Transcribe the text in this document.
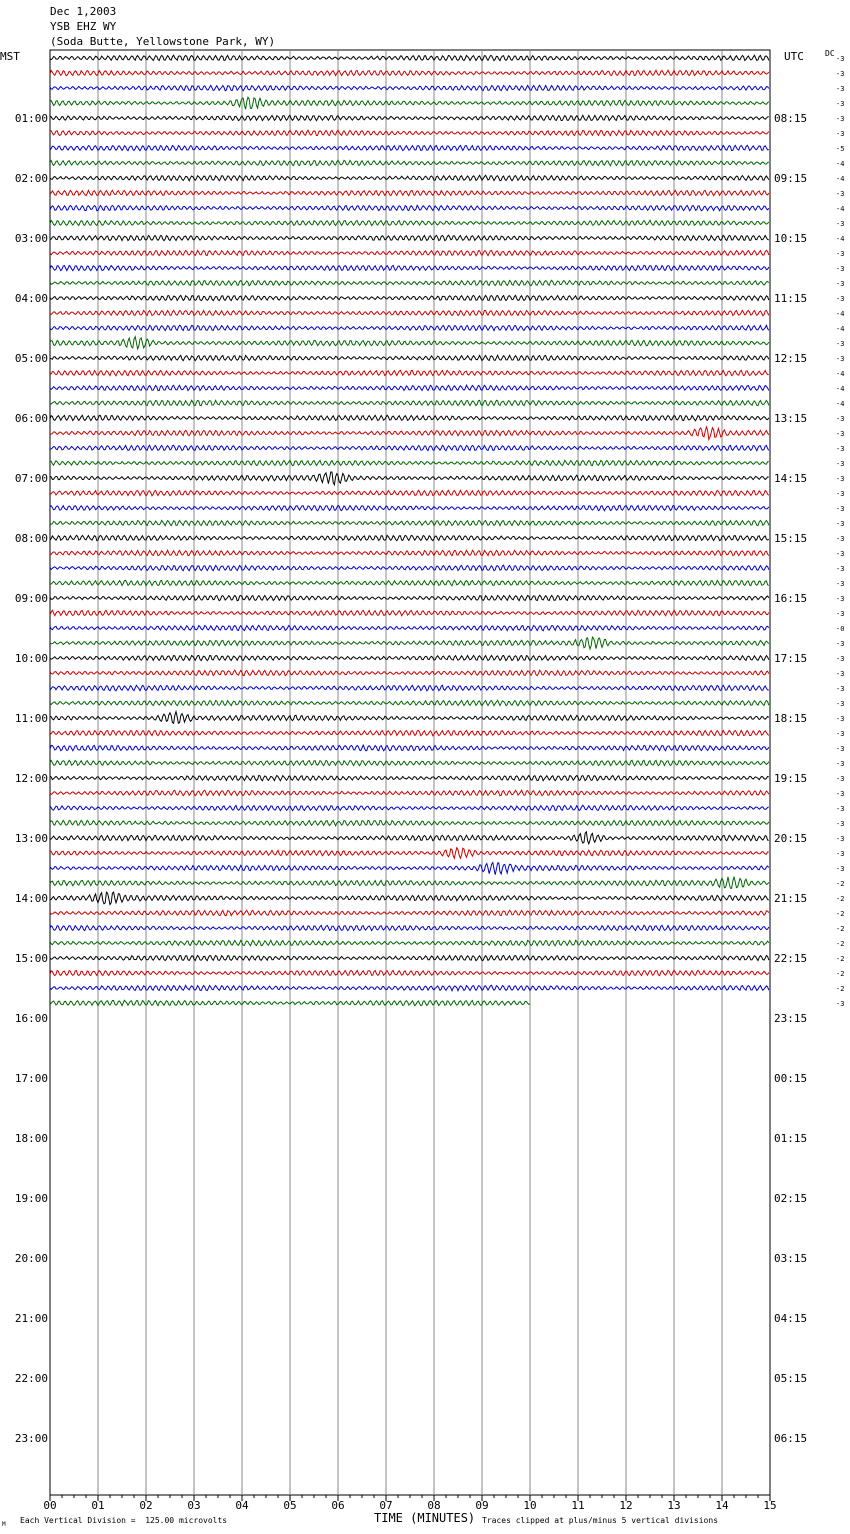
Dec 1,2003
YSB EHZ WY
(Soda Butte, Yellowstone Park, WY)
MST	UTC	DC
00	01	02	03	04	05	06	07	08	09	10	11	12	13	14	15
01:00	08:15
02:00	09:15
03:00	10:15
04:00	11:15
05:00	12:15
06:00	13:15
07:00	14:15
08:00	15:15
09:00	16:15
10:00	17:15
11:00	18:15
12:00	19:15
13:00	20:15
14:00	21:15
15:00	22:15
16:00	23:15
17:00	00:15
18:00	01:15
19:00	02:15
20:00	03:15
21:00	04:15
22:00	05:15
23:00	06:15
-3
-3
-3
-3
-3
-3
-5
-4
-4
-3
-4
-3
-4
-3
-3
-3
-3
-4
-4
-3
-3
-4
-4
-4
-3
-3
-3
-3
-3
-3
-3
-3
-3
-3
-3
-3
-3
-3
-0
-3
-3
-3
-3
-3
-3
-3
-3
-3
-3
-3
-3
-3
-3
-3
-3
-2
-2
-2
-2
-2
-2
-2
-2
-3
TIME (MINUTES)
Each Vertical Division =  125.00 microvolts	Traces clipped at plus/minus 5 vertical divisions
M
